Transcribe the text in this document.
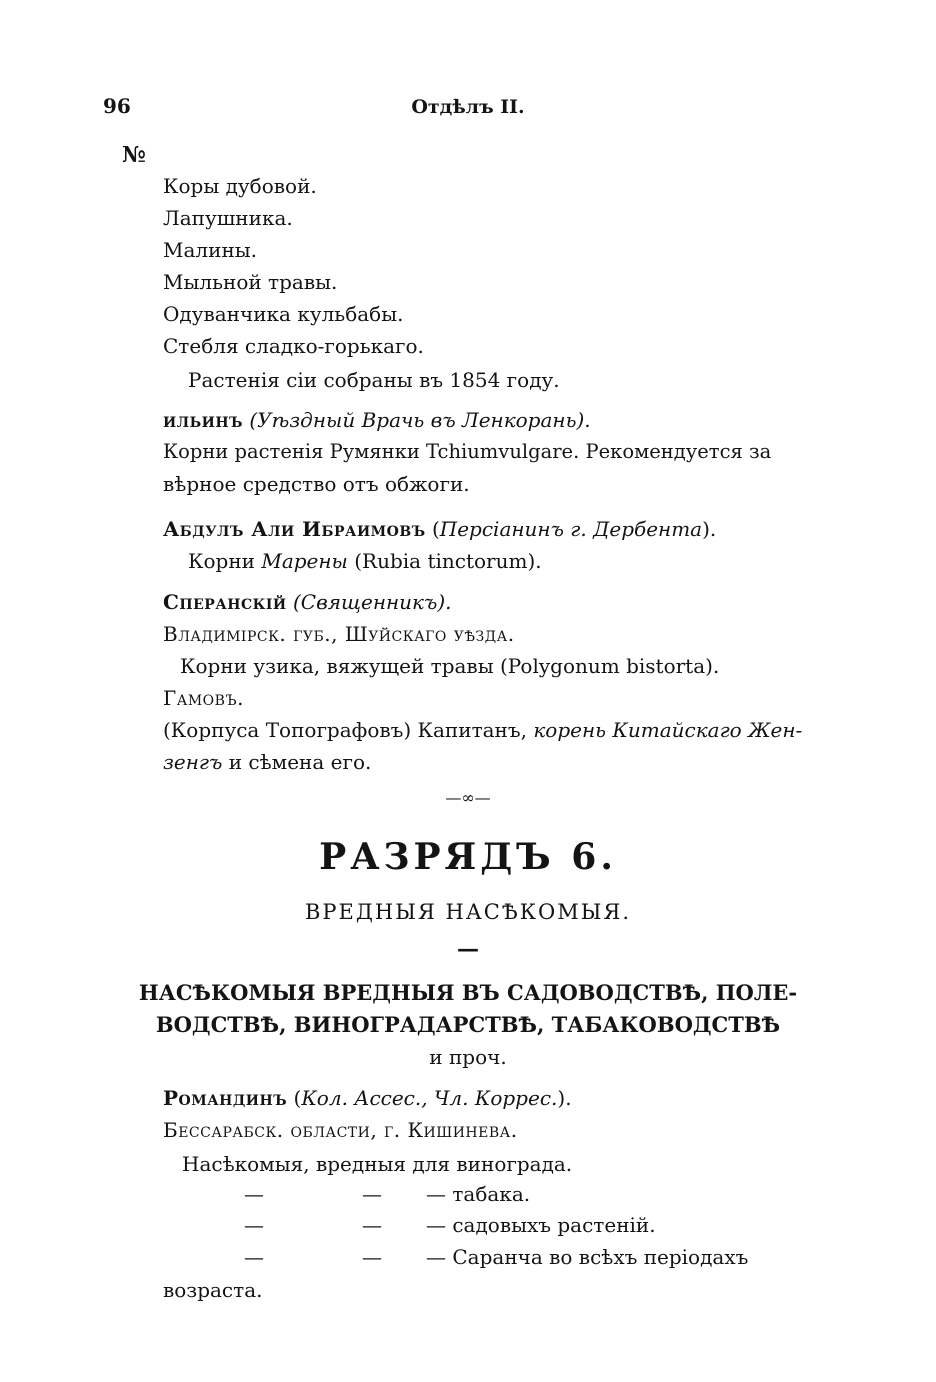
96	Отдѣлъ II.
№
Коры дубовой.
Лапушника.
Малины.
Мыльной травы.
Одуванчика кульбабы.
Стебля сладко-горькаго.
Растенія сіи собраны въ 1854 году.
ильинъ (Уѣздный Врачь въ Ленкорань).
Корни растенія Румянки Tchiumvulgare. Рекомендуется за
вѣрное средство отъ обжоги.
Абдулъ Али Ибраимовъ (Персіанинъ г. Дербента).
Корни Марены (Rubia tinctorum).
Сперанскій (Священникъ).
Владимірск. губ., Шуйскаго уѣзда.
Корни узика, вяжущей травы (Polygonum bistorta).
Гамовъ.
(Корпуса Топографовъ) Капитанъ, корень Китайскаго Жен-
зенгъ и сѣмена его.
—∞—
РАЗРЯДЪ 6.
ВРЕДНЫЯ НАСѢКОМЫЯ.
—
НАСѢКОМЫЯ ВРЕДНЫЯ ВЪ САДОВОДСТВѢ, ПОЛЕ-
ВОДСТВѢ, ВИНОГРАДАРСТВѢ, ТАБАКОВОДСТВѢ
и проч.
Романдинъ (Кол. Ассес., Чл. Коррес.).
Бессарабск. области, г. Кишинева.
Насѣкомыя, вредныя для винограда.
—	— — табака.
—	— — садовыхъ растеній.
—	— — Саранча во всѣхъ періодахъ
возраста.
